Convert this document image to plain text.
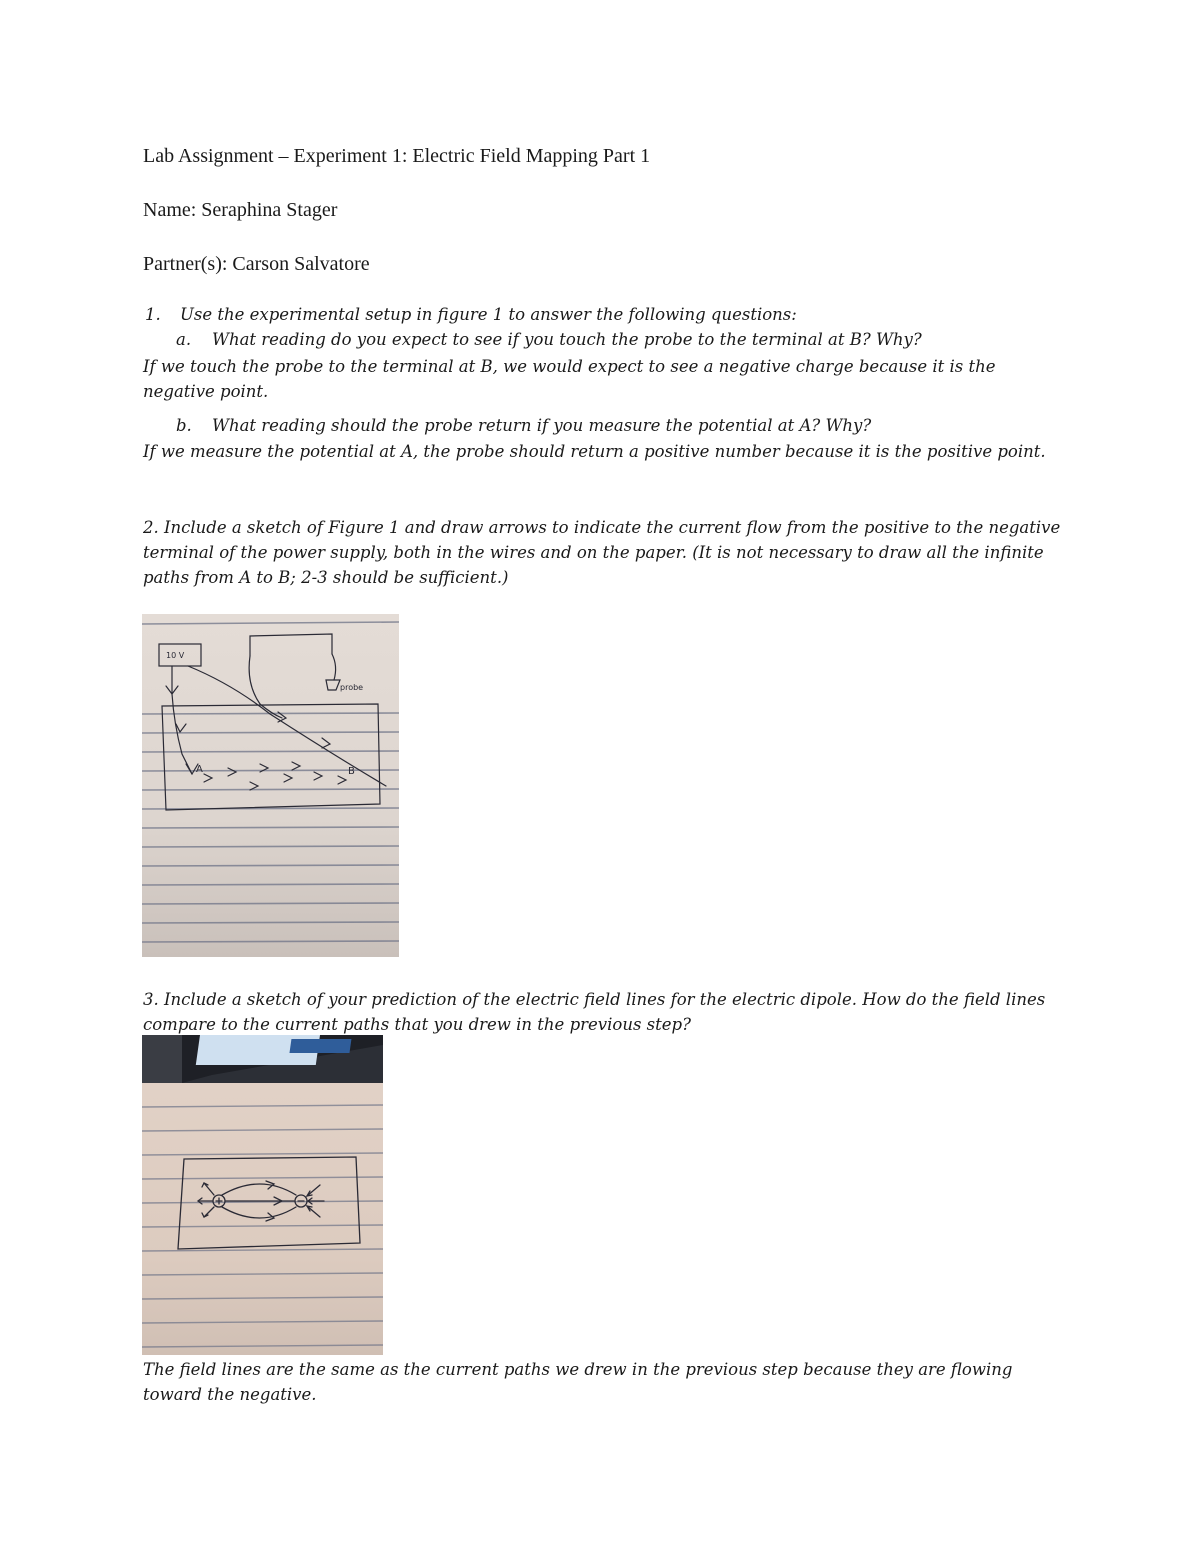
Lab Assignment – Experiment 1: Electric Field Mapping Part 1
Name: Seraphina Stager
Partner(s): Carson Salvatore
1. Use the experimental setup in figure 1 to answer the following questions:
a. What reading do you expect to see if you touch the probe to the terminal at B? Why?
If we touch the probe to the terminal at B, we would expect to see a negative charge because it is the negative point.
b. What reading should the probe return if you measure the potential at A? Why?
If we measure the potential at A, the probe should return a positive number because it is the positive point.
2. Include a sketch of Figure 1 and draw arrows to indicate the current flow from the positive to the negative terminal of the power supply, both in the wires and on the paper. (It is not necessary to draw all the infinite paths from A to B; 2-3 should be sufficient.)
10 V
probe
A	B
3. Include a sketch of your prediction of the electric field lines for the electric dipole. How do the field lines compare to the current paths that you drew in the previous step?
The field lines are the same as the current paths we drew in the previous step because they are flowing toward the negative.
